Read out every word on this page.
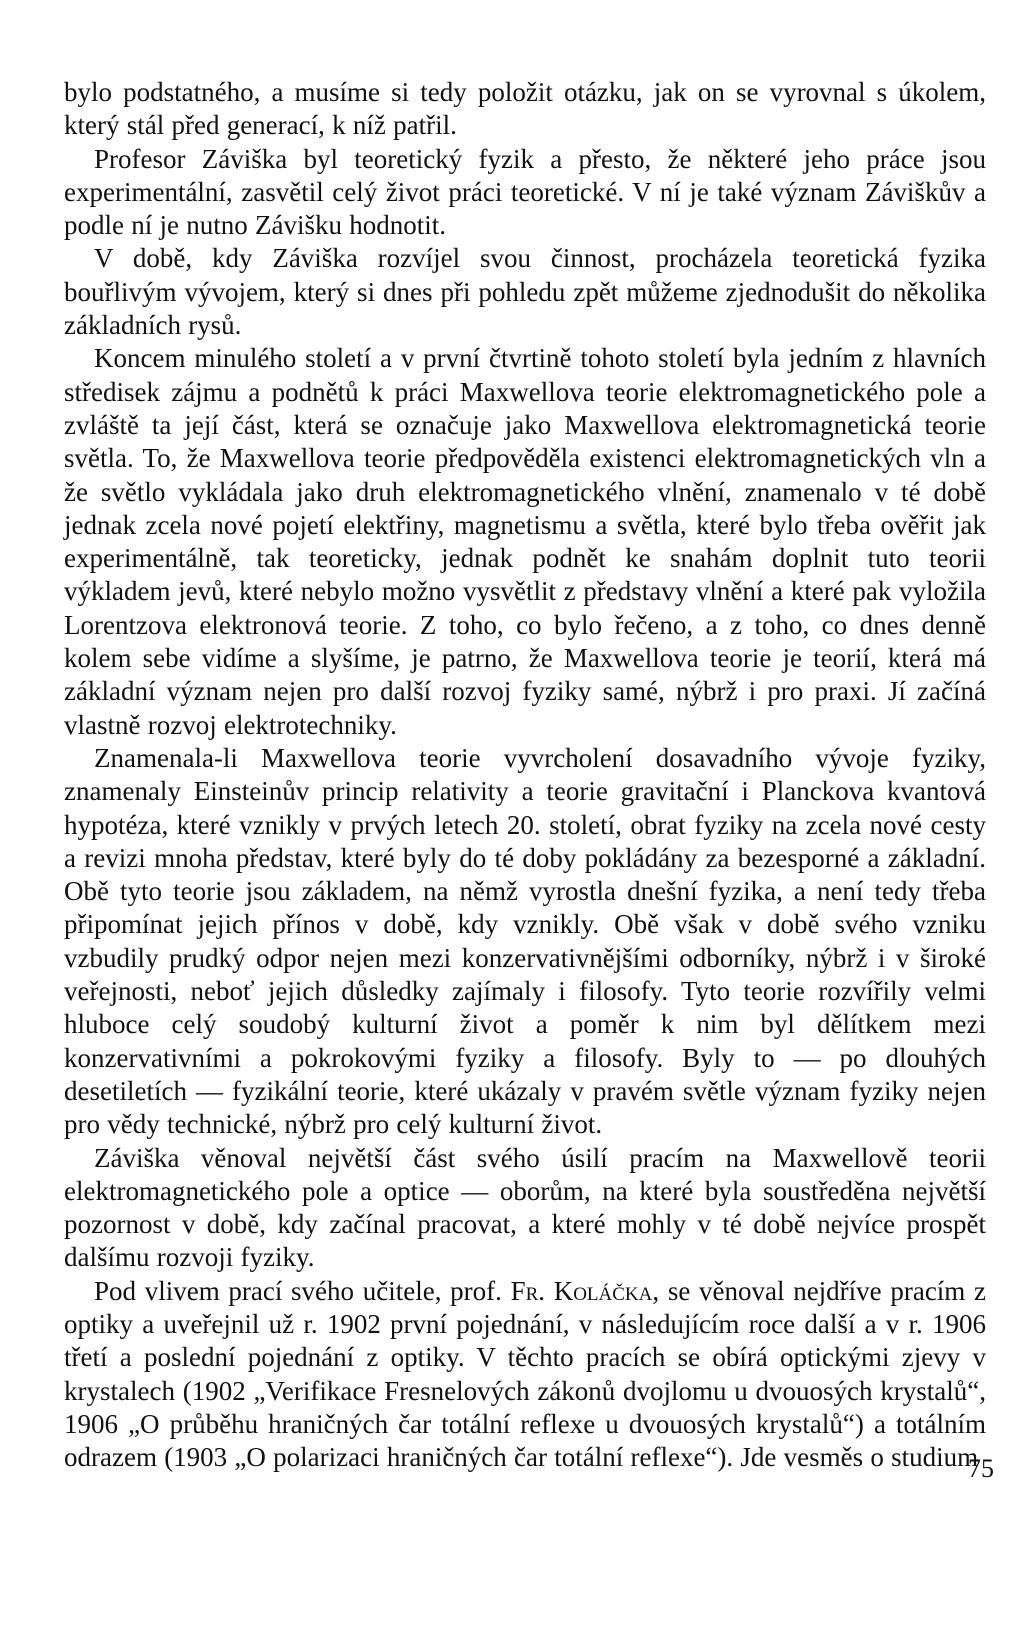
bylo podstatného, a musíme si tedy položit otázku, jak on se vyrovnal s úkolem, který stál před generací, k níž patřil.

Profesor Záviška byl teoretický fyzik a přesto, že některé jeho práce jsou experimentální, zasvětil celý život práci teoretické. V ní je také význam Záviškův a podle ní je nutno Závišku hodnotit.

V době, kdy Záviška rozvíjel svou činnost, procházela teoretická fyzika bouřlivým vývojem, který si dnes při pohledu zpět můžeme zjednodušit do několika základních rysů.

Koncem minulého století a v první čtvrtině tohoto století byla jedním z hlavních středisek zájmu a podnětů k práci Maxwellova teorie elektromagnetického pole a zvláště ta její část, která se označuje jako Maxwellova elektromagnetická teorie světla. To, že Maxwellova teorie předpověděla existenci elektromagnetických vln a že světlo vykládala jako druh elektromagnetického vlnění, znamenalo v té době jednak zcela nové pojetí elektřiny, magnetismu a světla, které bylo třeba ověřit jak experimentálně, tak teoreticky, jednak podnět ke snahám doplnit tuto teorii výkladem jevů, které nebylo možno vysvětlit z představy vlnění a které pak vyložila Lorentzova elektronová teorie. Z toho, co bylo řečeno, a z toho, co dnes denně kolem sebe vidíme a slyšíme, je patrno, že Maxwellova teorie je teorií, která má základní význam nejen pro další rozvoj fyziky samé, nýbrž i pro praxi. Jí začíná vlastně rozvoj elektrotechniky.

Znamenala-li Maxwellova teorie vyvrcholení dosavadního vývoje fyziky, znamenaly Einsteinův princip relativity a teorie gravitační i Planckova kvantová hypotéza, které vznikly v prvých letech 20. století, obrat fyziky na zcela nové cesty a revizi mnoha představ, které byly do té doby pokládány za bezesporné a základní. Obě tyto teorie jsou základem, na němž vyrostla dnešní fyzika, a není tedy třeba připomínat jejich přínos v době, kdy vznikly. Obě však v době svého vzniku vzbudily prudký odpor nejen mezi konzervativnějšími odborníky, nýbrž i v široké veřejnosti, neboť jejich důsledky zajímaly i filosofy. Tyto teorie rozvířily velmi hluboce celý soudobý kulturní život a poměr k nim byl dělítkem mezi konzervativními a pokrokovými fyziky a filosofy. Byly to — po dlouhých desetiletích — fyzikální teorie, které ukázaly v pravém světle význam fyziky nejen pro vědy technické, nýbrž pro celý kulturní život.

Záviška věnoval největší část svého úsilí pracím na Maxwellově teorii elektromagnetického pole a optice — oborům, na které byla soustředěna největší pozornost v době, kdy začínal pracovat, a které mohly v té době nejvíce prospět dalšímu rozvoji fyziky.

Pod vlivem prací svého učitele, prof. Fr. Koláčka, se věnoval nejdříve pracím z optiky a uveřejnil už r. 1902 první pojednání, v následujícím roce další a v r. 1906 třetí a poslední pojednání z optiky. V těchto pracích se obírá optickými zjevy v krystalech (1902 „Verifikace Fresnelových zákonů dvojlomu u dvouosých krystalů“, 1906 „O průběhu hraničných čar totální reflexe u dvouosých krystalů“) a totálním odrazem (1903 „O polarizaci hraničných čar totální reflexe“). Jde vesměs o studium

75
